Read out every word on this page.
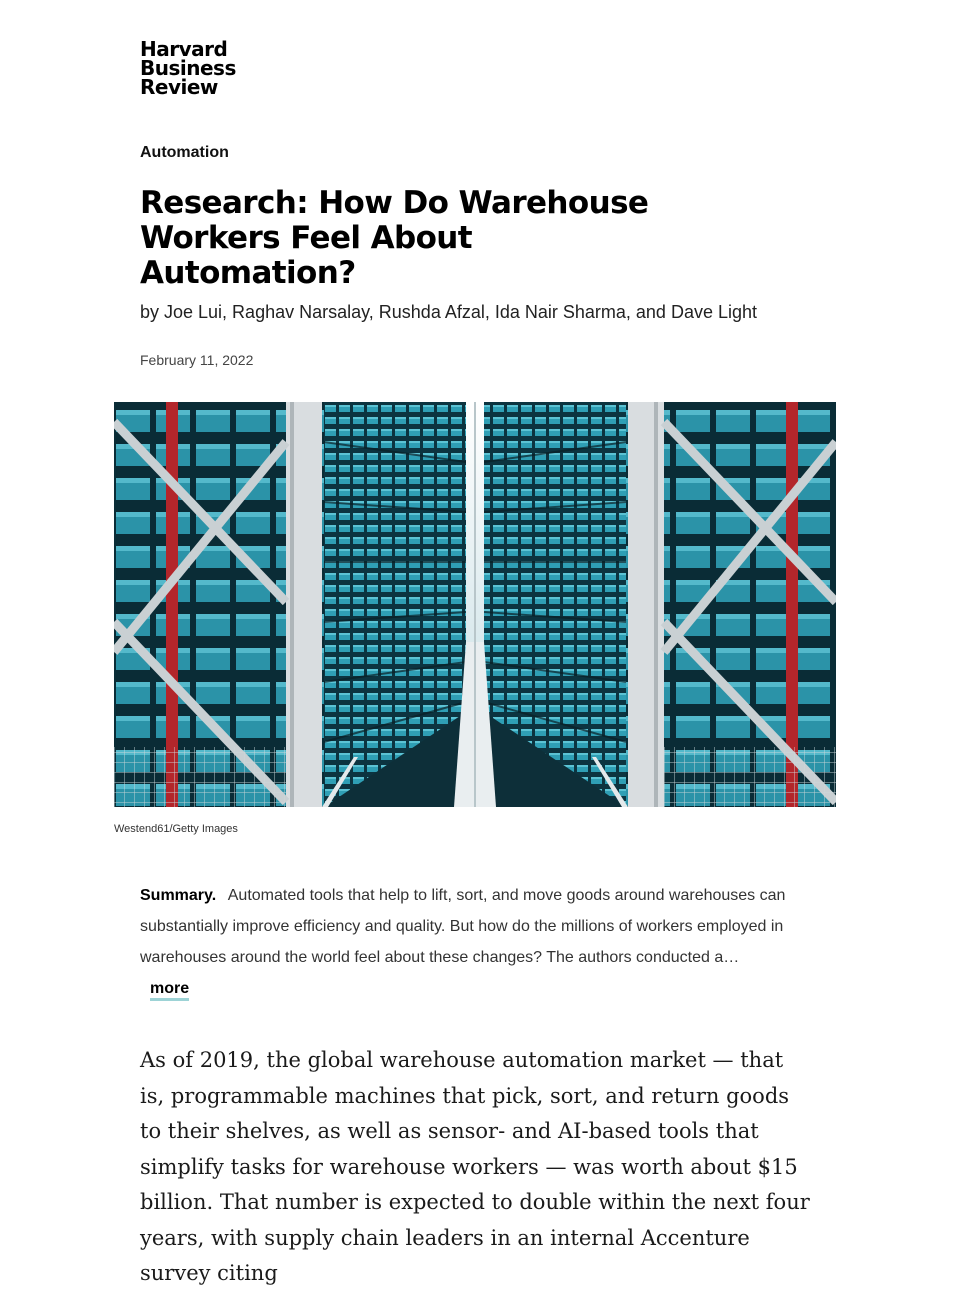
Harvard
Business
Review
Automation
Research: How Do Warehouse Workers Feel About Automation?
by Joe Lui, Raghav Narsalay, Rushda Afzal, Ida Nair Sharma, and Dave Light
February 11, 2022
Westend61/Getty Images
Summary. Automated tools that help to lift, sort, and move goods around warehouses can substantially improve efficiency and quality. But how do the millions of workers employed in warehouses around the world feel about these changes? The authors conducted a… more

As of 2019, the global warehouse automation market — that is, programmable machines that pick, sort, and return goods to their shelves, as well as sensor- and AI-based tools that simplify tasks for warehouse workers — was worth about $15 billion. That number is expected to double within the next four years, with supply chain leaders in an internal Accenture survey citing
